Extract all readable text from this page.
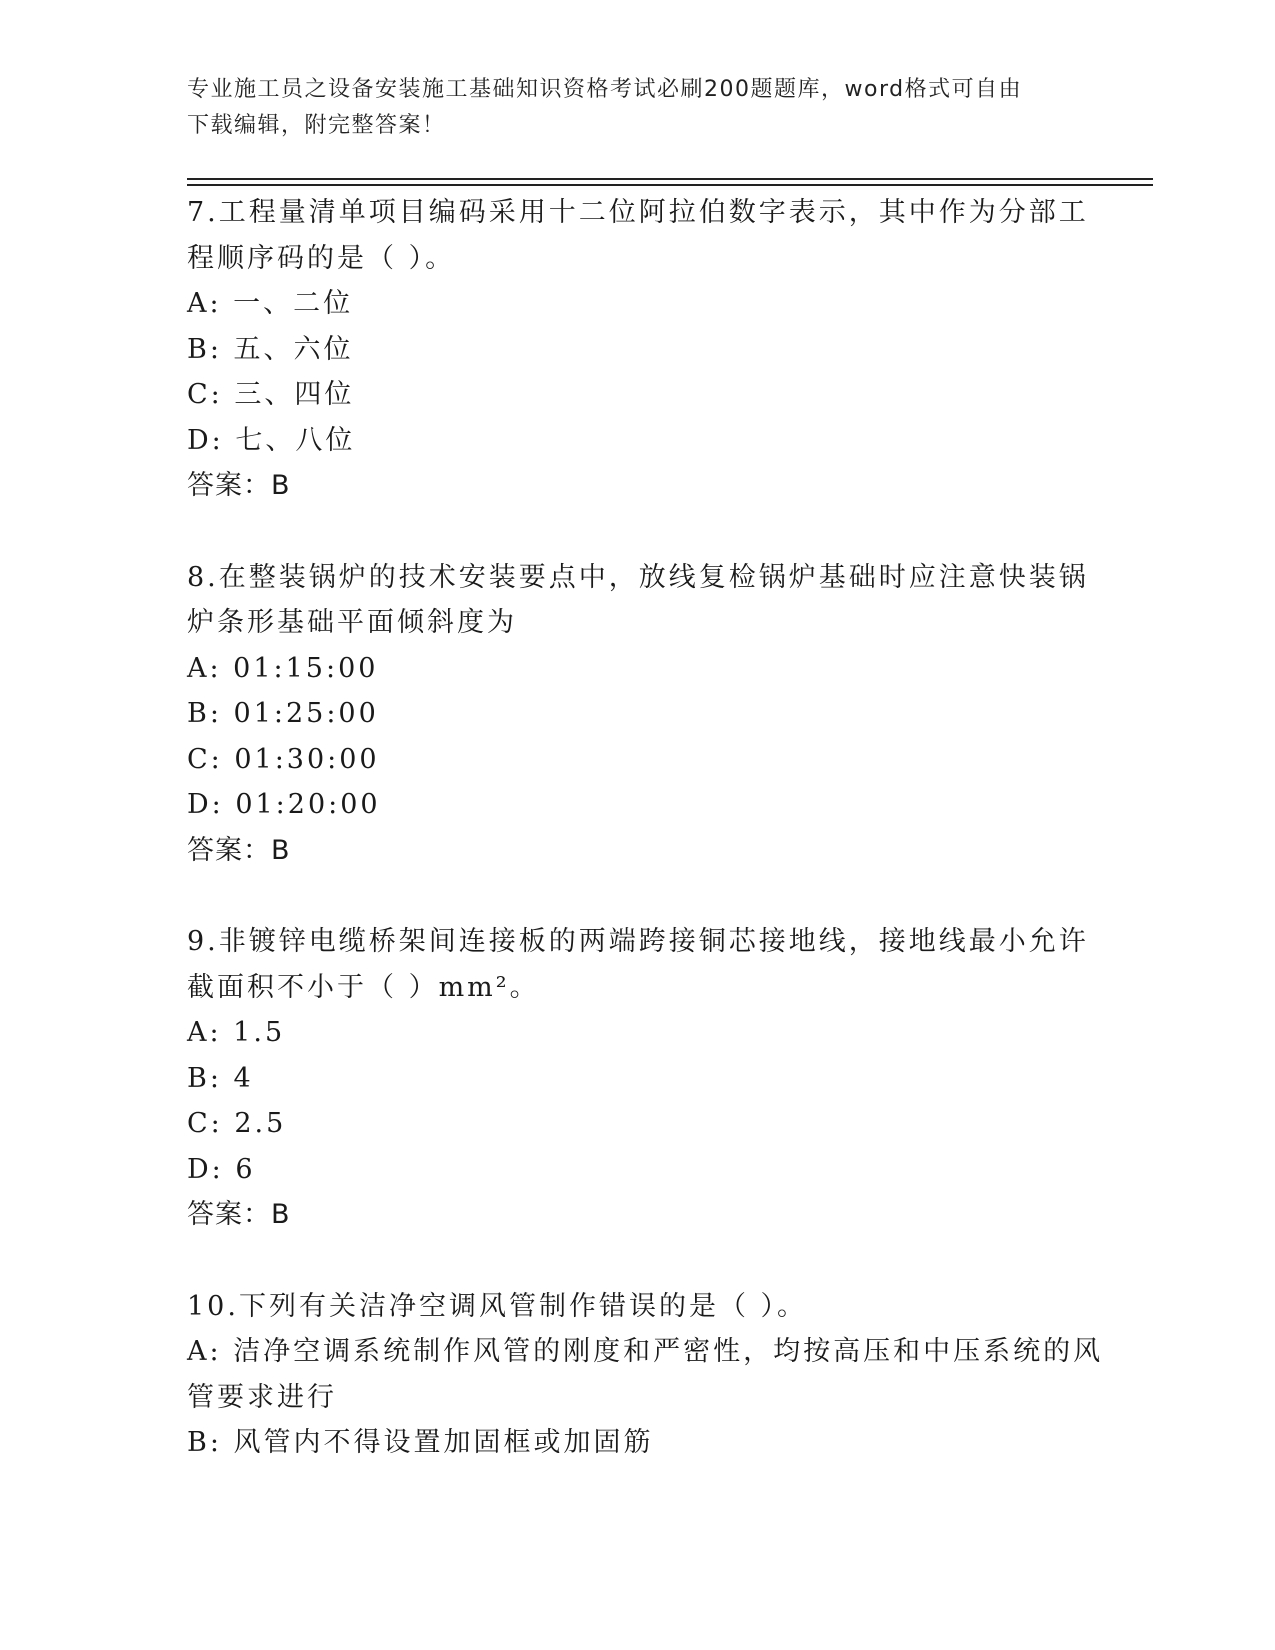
专业施工员之设备安装施工基础知识资格考试必刷200题题库，word格式可自由
下载编辑，附完整答案！
7.工程量清单项目编码采用十二位阿拉伯数字表示，其中作为分部工
程顺序码的是（ ）。
A: 一、二位
B: 五、六位
C: 三、四位
D: 七、八位
答案：B
8.在整装锅炉的技术安装要点中，放线复检锅炉基础时应注意快装锅
炉条形基础平面倾斜度为
A: 01:15:00
B: 01:25:00
C: 01:30:00
D: 01:20:00
答案：B
9.非镀锌电缆桥架间连接板的两端跨接铜芯接地线，接地线最小允许
截面积不小于（ ）mm²。
A: 1.5
B: 4
C: 2.5
D: 6
答案：B
10.下列有关洁净空调风管制作错误的是（ ）。
A: 洁净空调系统制作风管的刚度和严密性，均按高压和中压系统的风
管要求进行
B: 风管内不得设置加固框或加固筋
